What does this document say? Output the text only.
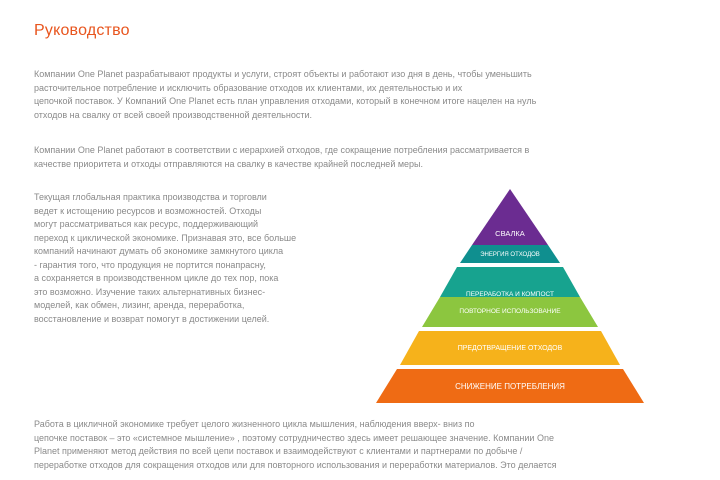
Руководство
Компании One Planet разрабатывают продукты и услуги, строят объекты и работают изо дня в день, чтобы уменьшить
расточительное потребление и исключить образование отходов их клиентами, их деятельностью и их
цепочкой поставок. У Компаний One Planet есть план управления отходами, который в конечном итоге нацелен на нуль
отходов на свалку от всей своей производственной деятельности.
Компании One Planet работают в соответствии с иерархией отходов, где сокращение потребления рассматривается в
качестве приоритета и отходы отправляются на свалку в качестве крайней последней меры.
Текущая глобальная практика производства и торговли
ведет к истощению ресурсов и возможностей. Отходы
могут рассматриваться как ресурс, поддерживающий
переход к циклической экономике. Признавая это, все больше
компаний начинают думать об экономике замкнутого цикла
- гарантия того, что продукция не портится понапрасну,
а сохраняется в производственном цикле до тех пор, пока
это возможно. Изучение таких альтернативных бизнес-
моделей, как обмен, лизинг, аренда, переработка,
восстановление и возврат помогут в достижении целей.
СВАЛКА
ЭНЕРГИЯ ОТХОДОВ
ПЕРЕРАБОТКА И КОМПОСТ
ПОВТОРНОЕ ИСПОЛЬЗОВАНИЕ
ПРЕДОТВРАЩЕНИЕ ОТХОДОВ
СНИЖЕНИЕ ПОТРЕБЛЕНИЯ
Работа в цикличной экономике требует целого жизненного цикла мышления, наблюдения вверх- вниз по
цепочке поставок – это «системное мышление» , поэтому сотрудничество здесь имеет решающее значение. Компании One
Planet применяют метод действия по всей цепи поставок и взаимодействуют с клиентами и партнерами по добыче /
переработке отходов для сокращения отходов или для повторного использования и переработки материалов. Это делается
